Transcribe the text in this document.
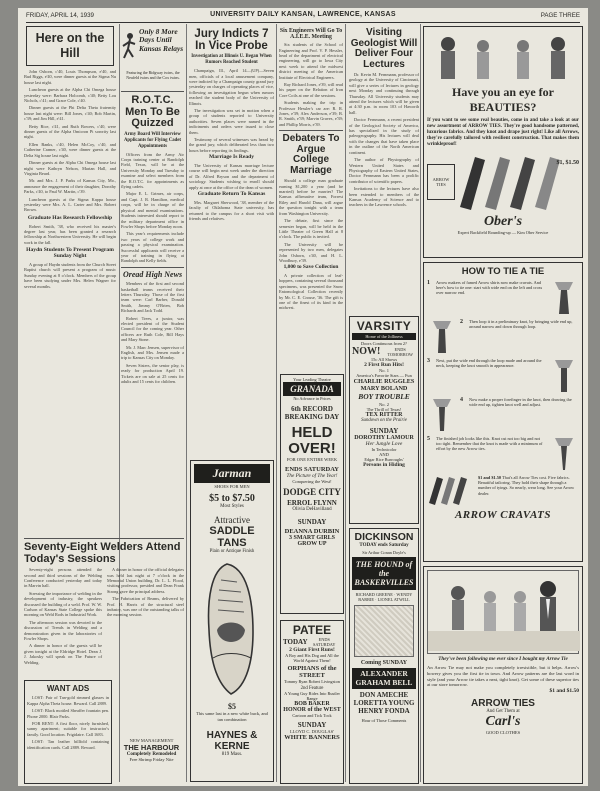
FRIDAY, APRIL 14, 1939	UNIVERSITY DAILY KANSAN, LAWRENCE, KANSAS	PAGE THREE
Here on the Hill

John Osborn, c'40, Louis Thompson, e'40, and Bud Riggs, e'40, were dinner guests at the Sigma Nu house last night.

Luncheon guests at the Alpha Chi Omega house yesterday were: Barbara Holcomb, c'40; Betty Lou Nichols, c'41; and Grace Cole, c'40.

Dinner guests at the Phi Delta Theta fraternity house last night were: Bill Jones, c'40; Bob Martin, c'39; and Jim Hill, e'41.

Betty Rice, c'41, and Ruth Bowers, c'40, were dinner guests of the Alpha Omicron Pi sorority last night.

Ellen Banks, c'40, Helen McCoy, c'40, and Catherine Cramer, c'40, were dinner guests at the Delta Sig house last night.

Dinner guests at the Alpha Chi Omega house last night were Kathryn Nelson, Marian Hall, and Virginia Beard.

Mr. and Mrs. J. P. Parks of Kansas City, Mo., announce the engagement of their daughter, Dorothy Parks, c'40, to Paul W. Martin, c'39.

Luncheon guests at the Sigma Kappa house yesterday were Mrs. A. L. Carter and Mrs. Robert Brown.

Graduate Has Research Fellowship

Robert Smith, '38, who received his master's degree last year, has been granted a research fellowship at Northwestern University. He will begin work in the fall.

Haydn Students To Present Program Sunday Night

A group of Haydn students from the Church Street Baptist church will present a program of music Sunday evening at 8 o'clock. Members of the group have been studying under Mrs. Helen Wagner for several months.

Only 8 More Days Until Kansas Relays
Featuring the Ridgway twins, the Neufeld twins and the Cox twins.
R.O.T.C. Men To Be Quizzed
Army Board Will Interview Applicants for Flying Cadet Appointments

Officers from the Army Air Corps training center at Randolph Field, Texas, will be at the University Monday and Tuesday to examine and select members from the R.O.T.C. for appointments as flying cadets.

Major E. L. Grimes, air corps, and Capt. J. R. Hamilton, medical corps, will be in charge of the physical and mental examinations. Students interested should report to the military department office in Fowler Shops before Monday noon.

This year's requirements include two years of college work and passing a physical examination. Successful applicants will receive a year of training in flying at Randolph and Kelly fields.

Oread High News

Members of the first and second basketball teams received their letters Thursday. Those of the first team were: Carl Barber, Donald Smith, Jimmy O'Brien, Bob Richards and Jack Todd.

Robert Trees, a junior, was elected president of the Student Council for the coming year. Other officers are Ruth Cole, Bill Hays and Mary Stone.

Mr. J. Marc Jensen, supervisor of English, and Mrs. Jensen made a trip to Kansas City on Monday.

Seven Sisters, the senior play, is ready for production April 19. Tickets are on sale at 25 cents for adults and 15 cents for children.

Seventy-Eight Welders Attend Today's Sessions

Seventy-eight persons attended the second and third sessions of the Welding Conference conducted yesterday and today in Marvin hall.

Stressing the importance of welding in the development of industry, the speakers discussed the building of a weld. Prof. W. W. Carlson of Kansas State College spoke this morning on Weld Rods in Industrial Work.

The afternoon session was devoted to the discussion of Trends in Welding and a demonstration given in the laboratories of Fowler Shops.

A dinner in honor of the guests will be given tonight at the Eldridge Hotel. Dean J. J. Jakosky will speak on The Future of Welding.

A dinner in honor of the official delegates was held last night at 7 o'clock in the Memorial Union building. Dr. L. L. Flood, visiting professor, presided and Dean Frank Strong gave the principal address.

The Fabrication of Beams, delivered by Prof. H. Harris of the structural steel industry, was one of the outstanding talks of the morning session.

WANT ADS

LOST: Pair of Tan-gold rimmed glasses in Kappa Alpha Theta house. Reward. Call 2889.

LOST: Black mottled Sheaffer fountain pen. Phone 2000. Blair Parks.

FOR RENT: A first floor, nicely furnished, sunny apartment; suitable for instructor's family. Good location. Frigidaire. Call 1683.

LOST: Tan leather billfold containing identification cards. Call 2889. Reward.

NEW MANAGEMENT
THE HARBOUR
Completely Remodeled
Free Shrimp Friday Nite
Jury Indicts 7 In Vice Probe
Investigation at Illinois U. Began When Rumors Reached Student

Champaign, Ill., April 14—(UP)—Seven men, officials of a local amusement company, were indicted by a Champaign county grand jury yesterday on charges of operating places of vice, following an investigation begun when rumors reached the student body of the University of Illinois.

The investigation was set in motion when a group of students reported to University authorities. Seven places were named in the indictments and orders were issued to close them.

Testimony of several witnesses was heard by the grand jury, which deliberated less than two hours before reporting its findings.

Marriage Is Ready

The University of Kansas marriage lecture course will begin next week under the direction of Dr. Alfred Bryson and the department of sociology. Students wishing to enroll should apply at once at the office of the dean of women.

Graduate Return To Kansas

Mrs. Margaret Sherwood, '38, member of the faculty of Oklahoma State university, has returned to the campus for a short visit with friends and relatives.

Jarman
SHOES FOR MEN
$5 to $7.50
Most Styles
Attractive
SADDLE TANS
Plain or Antique Finish
$5
This same last in a new white buck, and tan combination
HAYNES & KERNE
819 Mass.
Six Engineers Will Go To A.I.E.E. Meeting

Six students of the School of Engineering and Prof. V. P. Hessler, head of the department of electrical engineering, will go to Iowa City next week to attend the midwest district meeting of the American Institute of Electrical Engineers.

Ray Richard Jones, e'39, will read his paper on the Relation of Iron Core Coils at one of the sessions.

Students making the trip in Professor Hessler's car are: R. R. Jones, e'39; Alex Anderson, e'39; B. R. Smith, e'39; Marvin Graves, e'39; and Phillip Morris, e'39.

Debaters To Argue College Marriage

Should a college man graduate earning $1,200 a year (and be married) before he marries? The Kansas affirmative team, Forrest Riley and Harold Dana, will argue the question tonight with a team from Washington University.

The debate, first since the semester began, will be held in the Little Theater of Green Hall at 8 o'clock. The public is invited.

The University will be represented by two men, delegates John Osborn, c'40, and H. L. Woodbury, e'39.

1,000 to Save Collection

A private collection of leaf-hoppers, containing several thousand specimens, was presented the Snow Entomological Collection recently by Mr. C. E. Crouse, '36. The gift is one of the finest of its kind in the midwest.

Your Leading Theatre
GRANADA
No Advance in Prices
6th RECORD
BREAKING DAY
HELD OVER!
FOR ONE ENTIRE WEEK
ENDS SATURDAY
The Picture of The Year!
Conquering the West!
DODGE CITY
ERROL FLYNN
Olivia DeHavilland
SUNDAY
DEANNA DURBIN
3 SMART GIRLS GROW UP
PATEE
TODAY	ENDS SATURDAY
2 Giant First Runs!
A Boy and His Dog and All the World Against Them!
ORPHANS of the STREET
Tommy Ryan Robert Livingston
2nd Feature
A Young Guy Rides Into Rustler Range
BOB BAKER HONOR of the WEST
Cartoon and Tick Tock
SUNDAY
LLOYD C. DOUGLAS'
WHITE BANNERS
Visiting Geologist Will Deliver Four Lectures

Dr. Kevin M. Fernmann, professor of geology at the University of Cincinnati, will give a series of lectures in geology next Monday and continuing through Thursday. All University students may attend the lectures which will be given at 4:30 p.m. in room 103 of Haworth hall.

Doctor Fernmann, a recent president of the Geological Society of America, has specialized in the study of paleogeography. His lectures will deal with the changes that have taken place in the outline of the North American continent.

The author of Physiography of Western United States and Physiography of Eastern United States, Doctor Fernmann has been a prolific contributor of scientific papers.

Invitations to the lectures have also been extended to members of the Kansas Academy of Science and to teachers in the Lawrence schools.

VARSITY
Home of the Jolliness
Doors Continuous from 2?
NOW!	ENDS TOMORROW
15c All Shows
2 First Run Hits!
No. 1
America's Favorite Stars — Fun
CHARLIE RUGGLES
MARY BOLAND
BOY TROUBLE
No. 2
The Thrill of Texas!
TEX RITTER
Sundown on the Prairie
SUNDAY
DOROTHY LAMOUR
Her Jungle Love
In Technicolor
AND
Edgar Rice Burroughs'
Persons in Hiding
DICKINSON
TODAY ends Saturday
Sir Arthur Conan Doyle's
THE HOUND of the BASKERVILLES
RICHARD GREENE · WENDY BARRIE · LIONEL ATWILL
Coming SUNDAY
ALEXANDER GRAHAM BELL
DON AMECHE
LORETTA YOUNG
HENRY FONDA
Hour of Those Comments
Have you an eye for BEAUTIES?
If you want to see some real beauties, come in and take a look at our new assortment of ARROW TIES. They're good handsome patterned, luxurious fabrics. And they knot and drape just right! Like all Arrows, they're carefully tailored with resilient construction. That makes them wrinkleproof!
ARROW TIES
$1, $1.50
Ober's
Expert Backfield Rounding-up — Kim Ober Service
HOW TO TIE A TIE
1	Arrow makers of famed Arrow shirts now make cravats. And here's how to tie one: start with wide end on the left and cross over narrow end.
2	Then loop it in a preliminary knot, by bringing wide end up, around narrow and down through loop.
3	Next, put the wide end through the loop made and around the neck, keeping the knot smooth in appearance.
4	Now make a proper forefinger in the knot, then drawing the wide end up, tighten knot well and adjust.
5	The finished job looks like this. Knot cut not too big and not too tight. Remember that the knot is made with a minimum of effort by the new Arrow ties.
$1 and $1.50 That's all Arrow Ties cost. Five fabrics. Beautiful tailoring. They hold their shape through a number of tyings. So nearly, wear long. See your Arrow dealer.
ARROW CRAVATS
They've been following me ever since I bought my Arrow Tie
An Arrow Tie may not make you completely irresistible, but it helps. Arrow's bowery gives you the first tie in town. And Arrow patterns are the last word in style (and your Arrow tie takes a neat, tight knot). Get some of these superior ties at our store tomorrow.
$1 and $1.50
ARROW TIES
And Get Them at
Carl's
GOOD CLOTHES
